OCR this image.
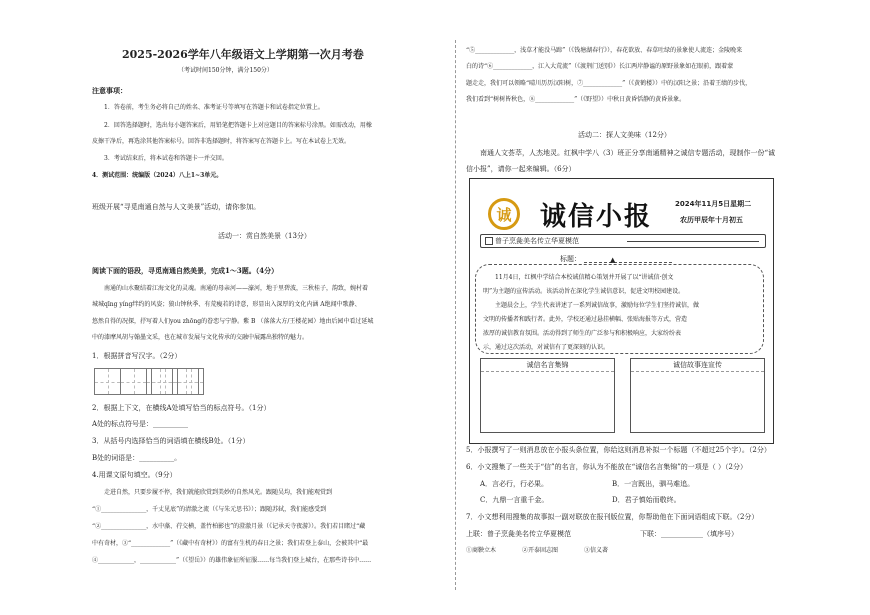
2025-2026学年八年级语文上学期第一次月考卷
（考试时间150分钟，满分150分）
注意事项：
1．答卷前，考生务必将自己的姓名、准考证号等填写在答题卡和试卷指定位置上。
2．回答选择题时，选出每小题答案后，用铅笔把答题卡上对应题目的答案标号涂黑。如需改动，用橡
皮擦干净后，再选涂其他答案标号。回答非选择题时，将答案写在答题卡上。写在本试卷上无效。
3．考试结束后，将本试卷和答题卡一并交回。
4．测试范围：统编版（2024）八上1~3单元。
班级开展“寻觅南通自然与人文美景”活动，请你参加。
活动一：赏自然美景（13分）
阅读下面的语段，寻觅南通自然美景，完成1～3题。（4分）
南通的山水聚结着江海文化的灵魂。南通的母亲河——濠河，地于里碧波，三秋桂子，韵致，婉村着
城城qīng yíng绊约的风姿；狼山钟秋季、有荒瘦若的诗意，形显出入深厚的文化内涵 A绝闻中歌静、
悠然自得的况探，抒写着人们you zhōng的眷恋与宁静。紫 B （落落大方/王楼花园）地由后园中看过延城
中的漆摩风胡与翰墨文采，也在城市发展与文化传承的交融中展露出独特的魅力。
1．根据拼音写汉字。（2分）
2．根据上下文，在横线A处填写恰当的标点符号。（1分）
A处的标点符号是：__________
3．从括号内选择恰当的词语填在横线B处。（1分）
B处的词语是：__________。
4.用课文原句填空。（9分）
走进自然，只要步履不停，我们就能欣赏到美妙的自然风光。跟随吴均，我们能观赏到
“①_______________，千丈见底”的清澈之流（《与朱元思书》）；跟随苏轼，我们能感受到
“②_______________，水中藻、荇交横，盖竹柏影也”的澄澈月景（《记承天寺夜游》）。我们若目睹过“藏
中有奇材，③“_____________”（《藏中有奇材》）的富有生机的春日之景；我们若登上泰山，会被其中“最
④____________，____________”（《望岳》）的雄伟象征所征服……每当我们登上城台，在那些诗书中……
“⑤_____________，浅草才能没马蹄”（《钱塘湖春行》），春花欲放、春草吐绿的景象使人流连；金陵晚来
白的诗“⑥_____________，江入大荒流”（《渡荆门送别》）长江两岸静谧的原野景象如在眼前，跟着蒙
题走走，我们可以领略“晴川历历汉阳树，⑦_____________”（《黄鹤楼》）中的汉阳之景；沿着王绩的步伐，
我们看到“树树皆秋色，⑧_____________”（《野望》）中秋日黄昏恬静的黄昏景象。
活动二：探人文美味（12分）
南通人文荟萃，人杰地灵。红枫中学八（3）班正分享南通精神之诚信专题活动，现制作一份“诚
信小报”，请你一起来编辑。（6分）
诚	诚信小报	2024年11月5日星期二
农历甲辰年十月初五
曾子烹彘美名传立华夏模范
标题：	▲
11月4日，红枫中学结合本校诚信精心策划并开展了以“讲诚信·创文
明”为主题的宣传活动。该活动旨在深化学生诚信意识，促进文明校园建设。
主题晨会上，学生代表讲述了一系列诚信故事，激励每位学生们坚持诚信，做
文明的传播者和践行者。此外，学校还通过悬挂横幅、张贴海报等方式，营造
浓厚的诚信教育氛围。活动得到了师生的广泛参与和积极响应，大家纷纷表
示，通过这次活动，对诚信有了更深刻的认识。
诚信名言集锦	诚信故事连宣传
5．小报撰写了一则消息放在小报头条位置，你给这则消息补拟一个标题（不超过25个字）。（2分）
6．小文搜集了一些关于“信”的名言，你认为不能放在“诚信名言集锦”的一项是（ ）（2分）
A．言必行，行必果。	B．一言既出，驷马难追。
C．九鼎一言重千金。	D．君子慎始而敬终。
7．小文想利用搜集的故事拟一副对联放在报刊版位置，你帮助他在下面词语组成下联。（2分）
上联：曾子烹彘美名传立华夏模范	下联：____________（填序号）
①商鞅立木	②开泰固志图	③信义著
